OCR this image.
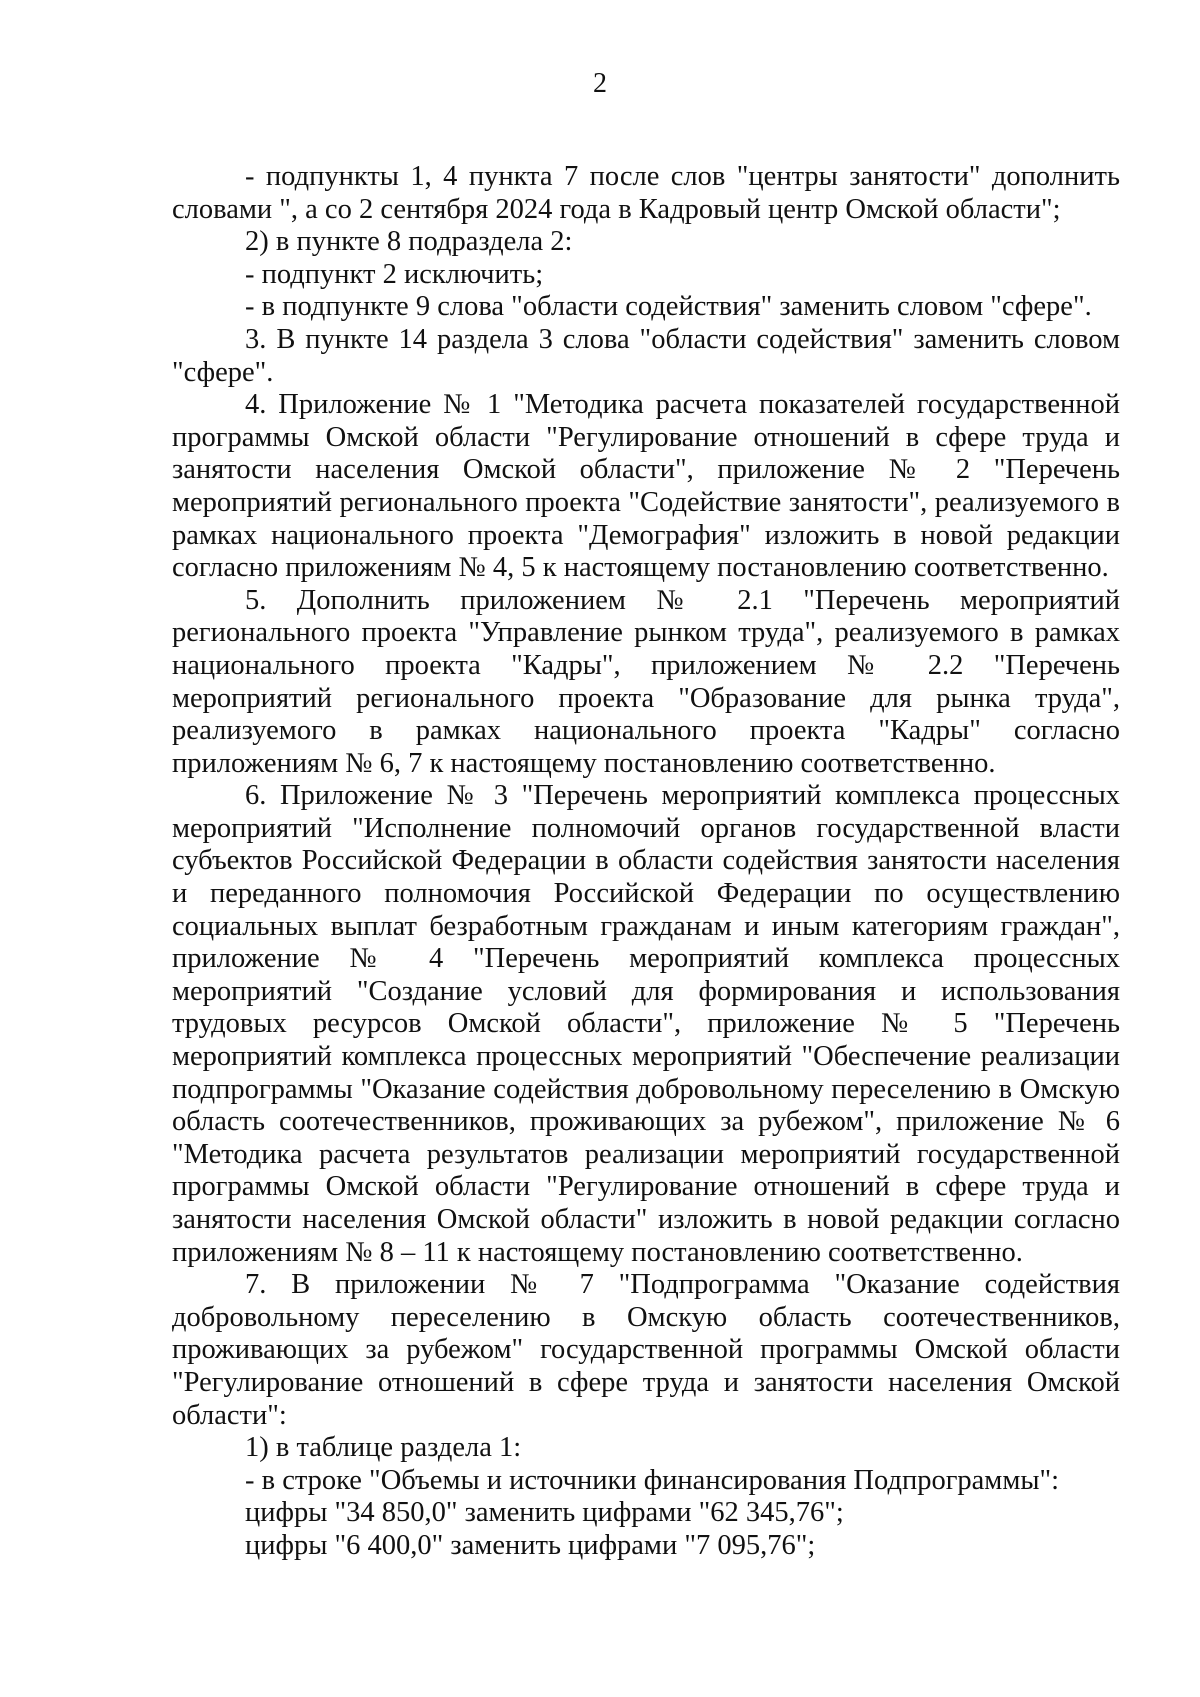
2

- подпункты 1, 4 пункта 7 после слов "центры занятости" дополнить словами ", а со 2 сентября 2024 года в Кадровый центр Омской области";

2) в пункте 8 подраздела 2:

- подпункт 2 исключить;

- в подпункте 9 слова "области содействия" заменить словом "сфере".

3. В пункте 14 раздела 3 слова "области содействия" заменить словом "сфере".

4. Приложение № 1 "Методика расчета показателей государственной программы Омской области "Регулирование отношений в сфере труда и занятости населения Омской области", приложение № 2 "Перечень мероприятий регионального проекта "Содействие занятости", реализуемого в рамках национального проекта "Демография" изложить в новой редакции согласно приложениям № 4, 5 к настоящему постановлению соответственно.

5. Дополнить приложением № 2.1 "Перечень мероприятий регионального проекта "Управление рынком труда", реализуемого в рамках национального проекта "Кадры", приложением № 2.2 "Перечень мероприятий регионального проекта "Образование для рынка труда", реализуемого в рамках национального проекта "Кадры" согласно приложениям № 6, 7 к настоящему постановлению соответственно.

6. Приложение № 3 "Перечень мероприятий комплекса процессных мероприятий "Исполнение полномочий органов государственной власти субъектов Российской Федерации в области содействия занятости населения и переданного полномочия Российской Федерации по осуществлению социальных выплат безработным гражданам и иным категориям граждан", приложение № 4 "Перечень мероприятий комплекса процессных мероприятий "Создание условий для формирования и использования трудовых ресурсов Омской области", приложение № 5 "Перечень мероприятий комплекса процессных мероприятий "Обеспечение реализации подпрограммы "Оказание содействия добровольному переселению в Омскую область соотечественников, проживающих за рубежом", приложение № 6 "Методика расчета результатов реализации мероприятий государственной программы Омской области "Регулирование отношений в сфере труда и занятости населения Омской области" изложить в новой редакции согласно приложениям № 8 – 11 к настоящему постановлению соответственно.

7. В приложении № 7 "Подпрограмма "Оказание содействия добровольному переселению в Омскую область соотечественников, проживающих за рубежом" государственной программы Омской области "Регулирование отношений в сфере труда и занятости населения Омской области":

1) в таблице раздела 1:

- в строке "Объемы и источники финансирования Подпрограммы":

цифры "34 850,0" заменить цифрами "62 345,76";

цифры "6 400,0" заменить цифрами "7 095,76";
